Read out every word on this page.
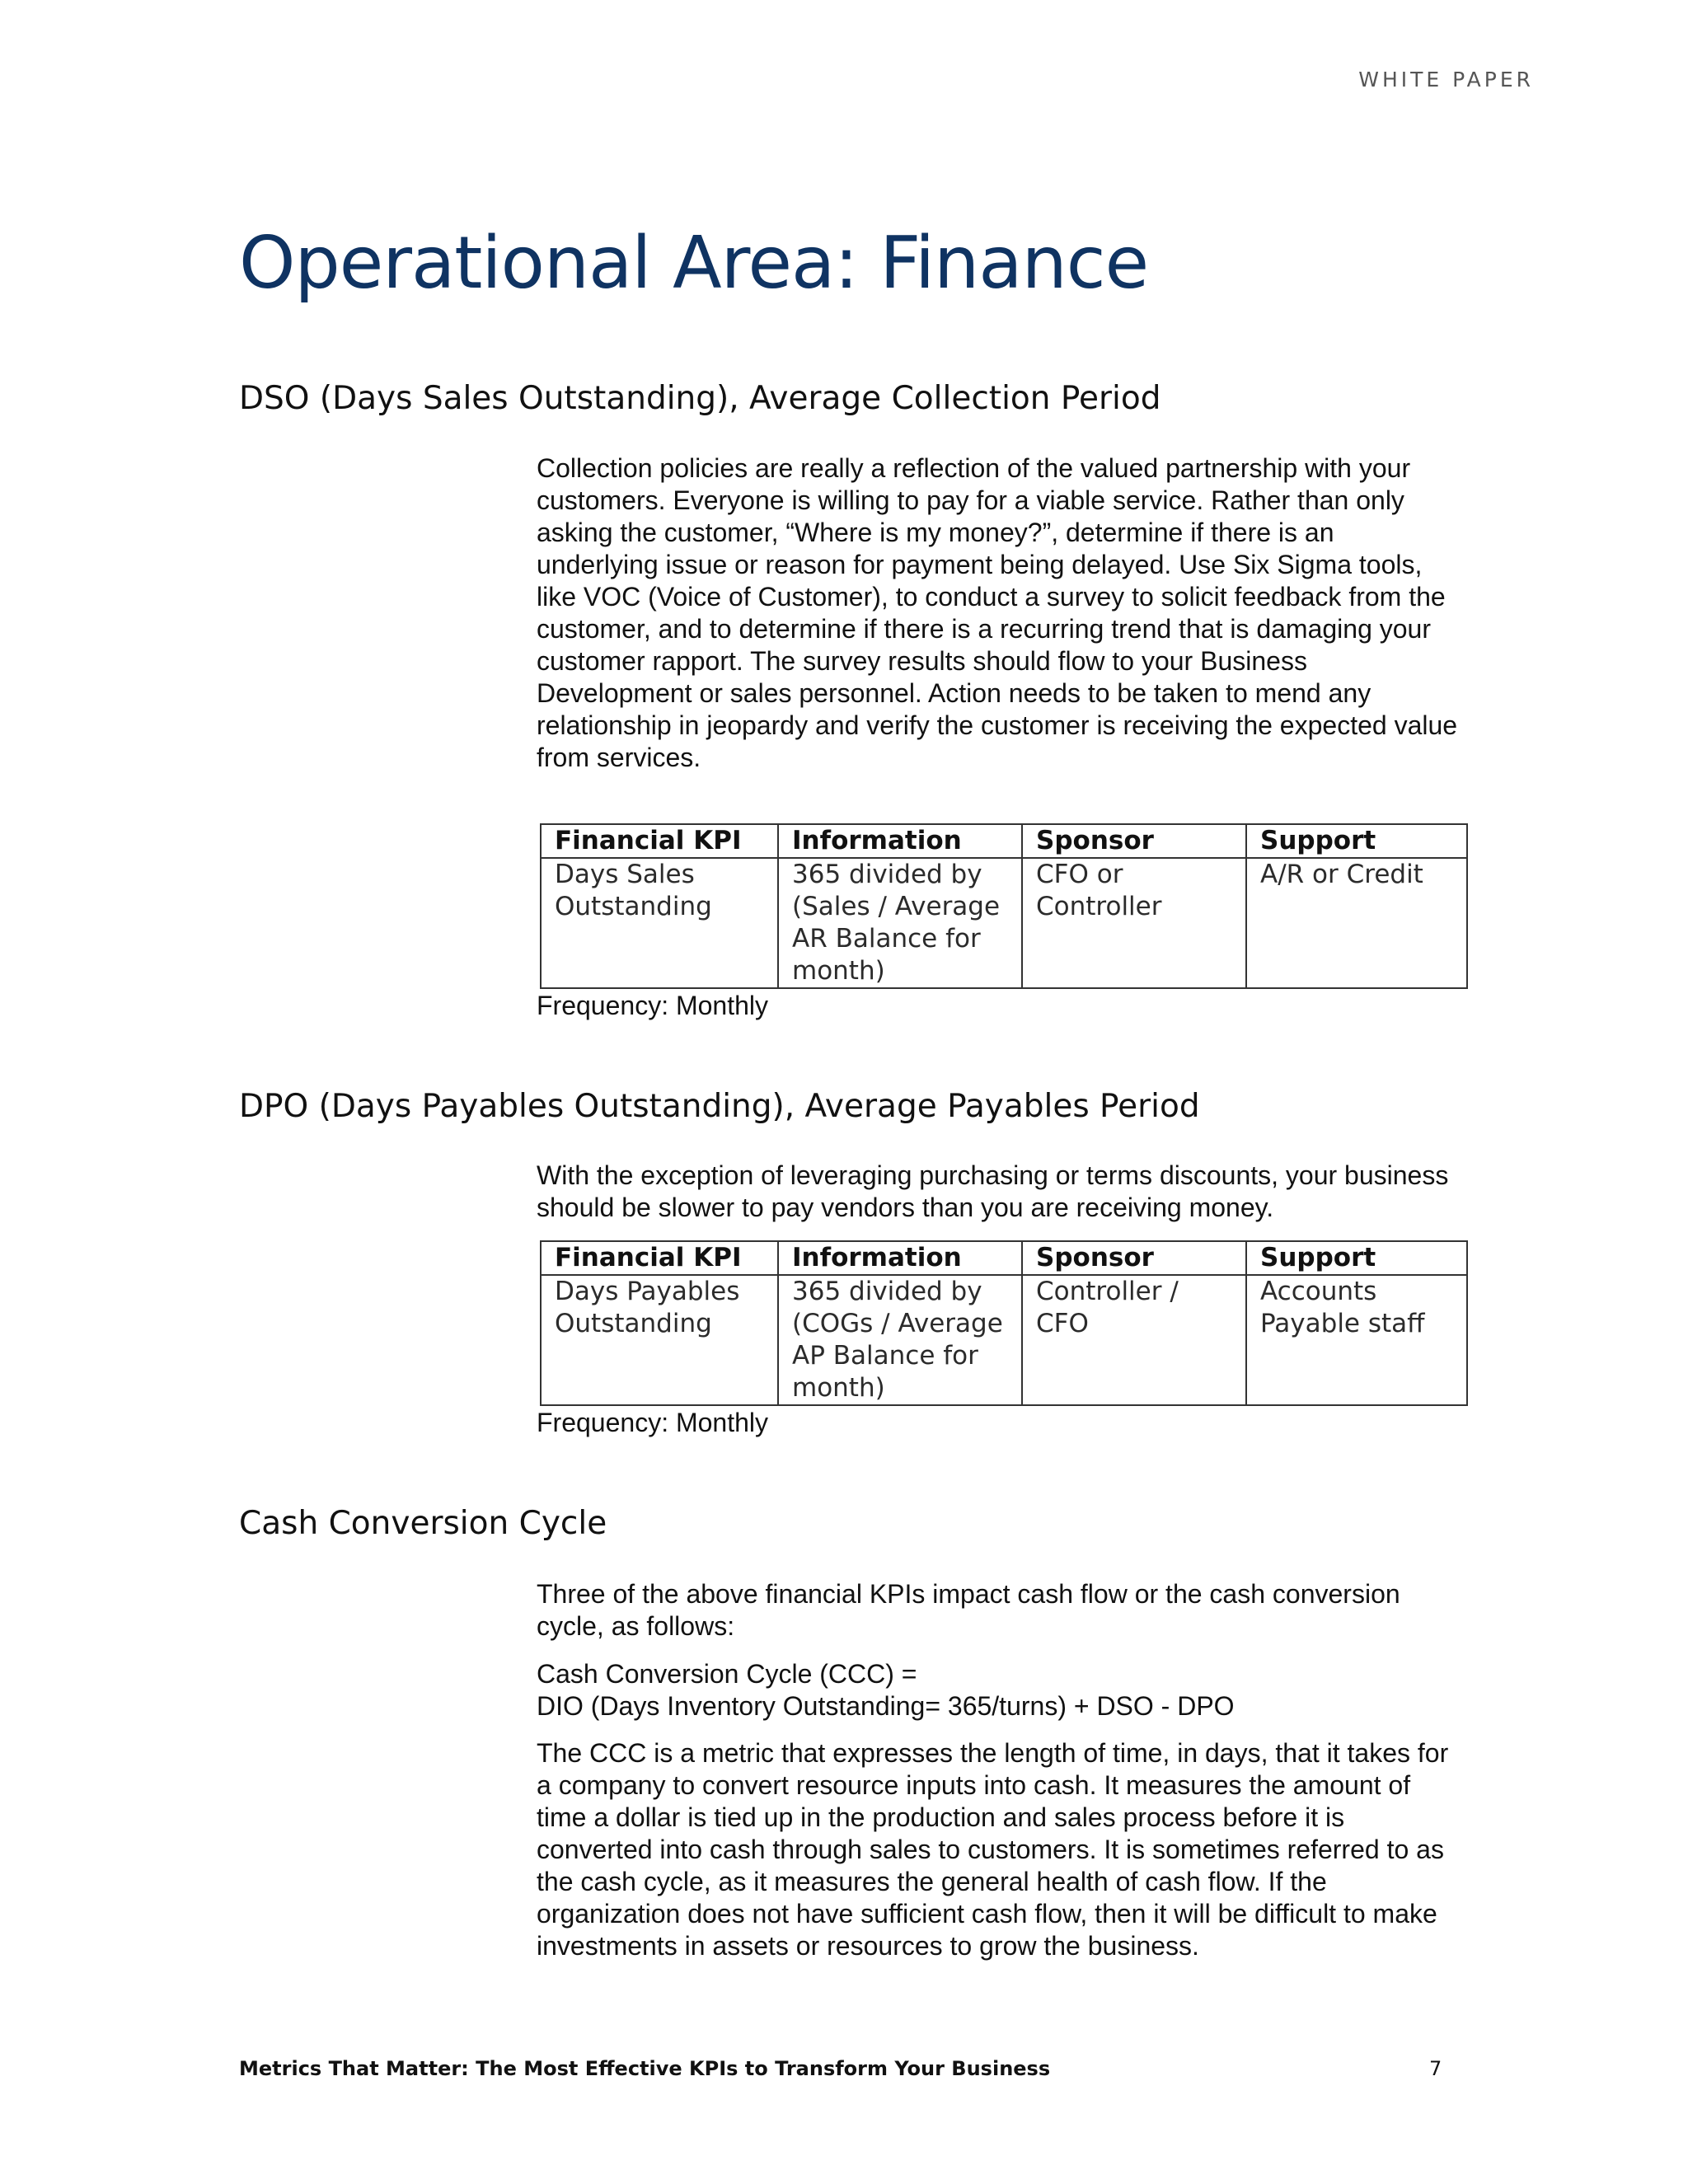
WHITE PAPER
Operational Area: Finance
DSO (Days Sales Outstanding), Average Collection Period

Collection policies are really a reflection of the valued partnership with your customers. Everyone is willing to pay for a viable service. Rather than only asking the customer, “Where is my money?”, determine if there is an underlying issue or reason for payment being delayed. Use Six Sigma tools, like VOC (Voice of Customer), to conduct a survey to solicit feedback from the customer, and to determine if there is a recurring trend that is damaging your customer rapport. The survey results should flow to your Business Development or sales personnel. Action needs to be taken to mend any relationship in jeopardy and verify the customer is receiving the expected value from services.

Financial KPI	Information	Sponsor	Support
Days Sales Outstanding	365 divided by (Sales / Average AR Balance for month)	CFO or Controller	A/R or Credit

Frequency: Monthly

DPO (Days Payables Outstanding), Average Payables Period

With the exception of leveraging purchasing or terms discounts, your business should be slower to pay vendors than you are receiving money.

Financial KPI	Information	Sponsor	Support
Days Payables Outstanding	365 divided by (COGs / Average AP Balance for month)	Controller / CFO	Accounts Payable staff

Frequency: Monthly

Cash Conversion Cycle

Three of the above financial KPIs impact cash flow or the cash conversion cycle, as follows:

Cash Conversion Cycle (CCC) =

DIO (Days Inventory Outstanding= 365/turns) + DSO - DPO

The CCC is a metric that expresses the length of time, in days, that it takes for a company to convert resource inputs into cash. It measures the amount of time a dollar is tied up in the production and sales process before it is converted into cash through sales to customers. It is sometimes referred to as the cash cycle, as it measures the general health of cash flow. If the organization does not have sufficient cash flow, then it will be difficult to make investments in assets or resources to grow the business.

Metrics That Matter: The Most Effective KPIs to Transform Your Business	7
